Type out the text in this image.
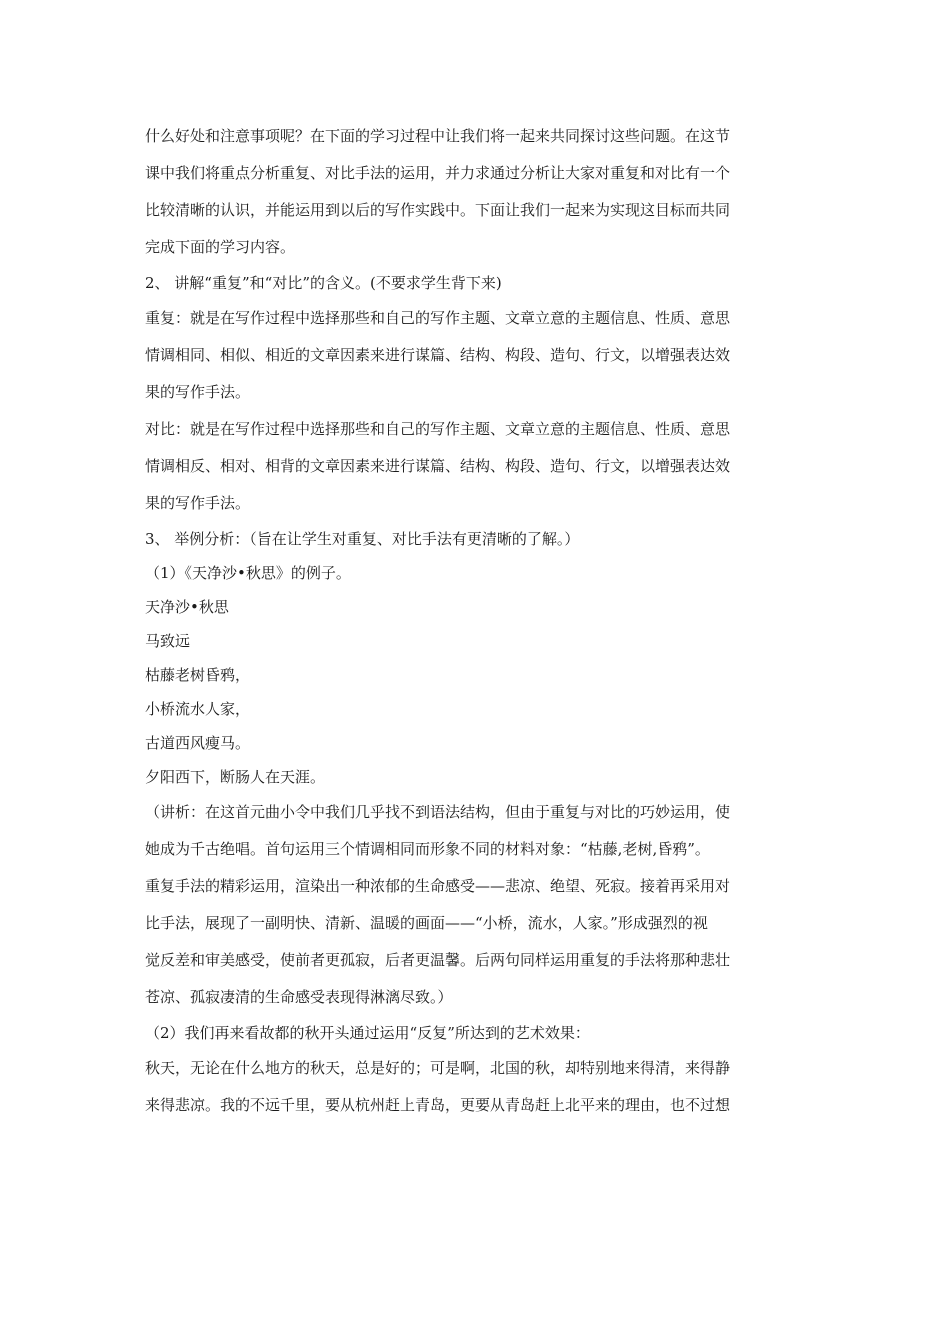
什么好处和注意事项呢？在下面的学习过程中让我们将一起来共同探讨这些问题。在这节
课中我们将重点分析重复、对比手法的运用，并力求通过分析让大家对重复和对比有一个
比较清晰的认识，并能运用到以后的写作实践中。下面让我们一起来为实现这目标而共同
完成下面的学习内容。
2、 讲解“重复”和“对比”的含义。(不要求学生背下来)
重复：就是在写作过程中选择那些和自己的写作主题、文章立意的主题信息、性质、意思
情调相同、相似、相近的文章因素来进行谋篇、结构、构段、造句、行文，以增强表达效
果的写作手法。
对比：就是在写作过程中选择那些和自己的写作主题、文章立意的主题信息、性质、意思
情调相反、相对、相背的文章因素来进行谋篇、结构、构段、造句、行文，以增强表达效
果的写作手法。
3、 举例分析：（旨在让学生对重复、对比手法有更清晰的了解。）
（1）《天净沙•秋思》的例子。
天净沙•秋思
马致远
枯藤老树昏鸦，
小桥流水人家，
古道西风瘦马。
夕阳西下，断肠人在天涯。
（讲析：在这首元曲小令中我们几乎找不到语法结构，但由于重复与对比的巧妙运用，使
她成为千古绝唱。首句运用三个情调相同而形象不同的材料对象：“枯藤,老树,昏鸦”。
重复手法的精彩运用，渲染出一种浓郁的生命感受——悲凉、绝望、死寂。接着再采用对
比手法，展现了一副明快、清新、温暖的画面——“小桥，流水，人家。”形成强烈的视
觉反差和审美感受，使前者更孤寂，后者更温馨。后两句同样运用重复的手法将那种悲壮
苍凉、孤寂凄清的生命感受表现得淋漓尽致。）
（2）我们再来看故都的秋开头通过运用“反复”所达到的艺术效果：
秋天，无论在什么地方的秋天，总是好的；可是啊，北国的秋，却特别地来得清，来得静
来得悲凉。我的不远千里，要从杭州赶上青岛，更要从青岛赶上北平来的理由，也不过想
